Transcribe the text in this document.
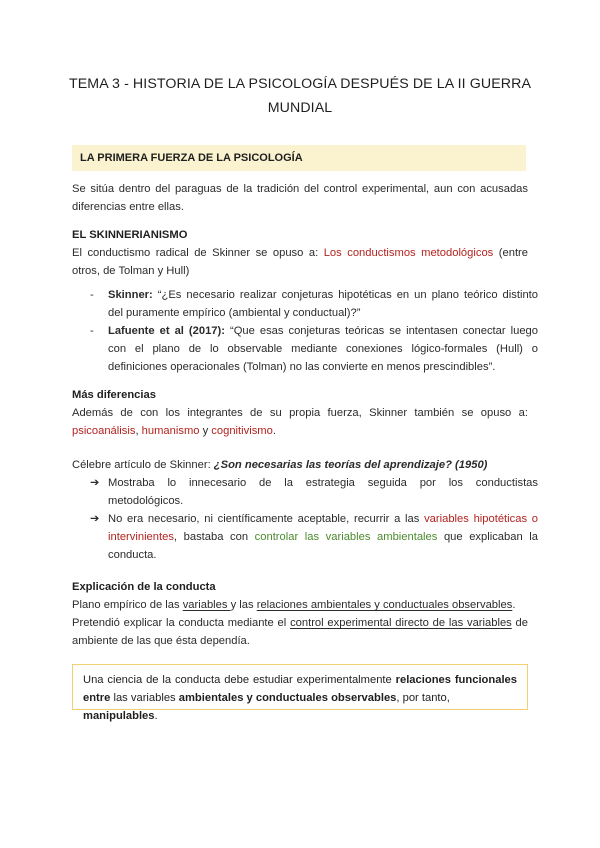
TEMA 3 - HISTORIA DE LA PSICOLOGÍA DESPUÉS DE LA II GUERRA MUNDIAL
LA PRIMERA FUERZA DE LA PSICOLOGÍA
Se sitúa dentro del paraguas de la tradición del control experimental, aun con acusadas
diferencias entre ellas.
EL SKINNERIANISMO
El conductismo radical de Skinner se opuso a: Los conductismos metodológicos (entre
otros, de Tolman y Hull)
-	Skinner: “¿Es necesario realizar conjeturas hipotéticas en un plano teórico distinto
del puramente empírico (ambiental y conductual)?”
-	Lafuente et al (2017): “Que esas conjeturas teóricas se intentasen conectar luego
con el plano de lo observable mediante conexiones lógico-formales (Hull) o
definiciones operacionales (Tolman) no las convierte en menos prescindibles”.
Más diferencias
Además de con los integrantes de su propia fuerza, Skinner también se opuso a:
psicoanálisis, humanismo y cognitivismo.
Célebre artículo de Skinner: ¿Son necesarias las teorías del aprendizaje? (1950)
➔ Mostraba lo innecesario de la estrategia seguida por los conductistas
metodológicos.
➔ No era necesario, ni científicamente aceptable, recurrir a las variables hipotéticas o
intervinientes, bastaba con controlar las variables ambientales que explicaban la
conducta.
Explicación de la conducta
Plano empírico de las variables y las relaciones ambientales y conductuales observables.
Pretendió explicar la conducta mediante el control experimental directo de las variables de
ambiente de las que ésta dependía.
Una ciencia de la conducta debe estudiar experimentalmente relaciones funcionales
entre las variables ambientales y conductuales observables, por tanto, manipulables.
